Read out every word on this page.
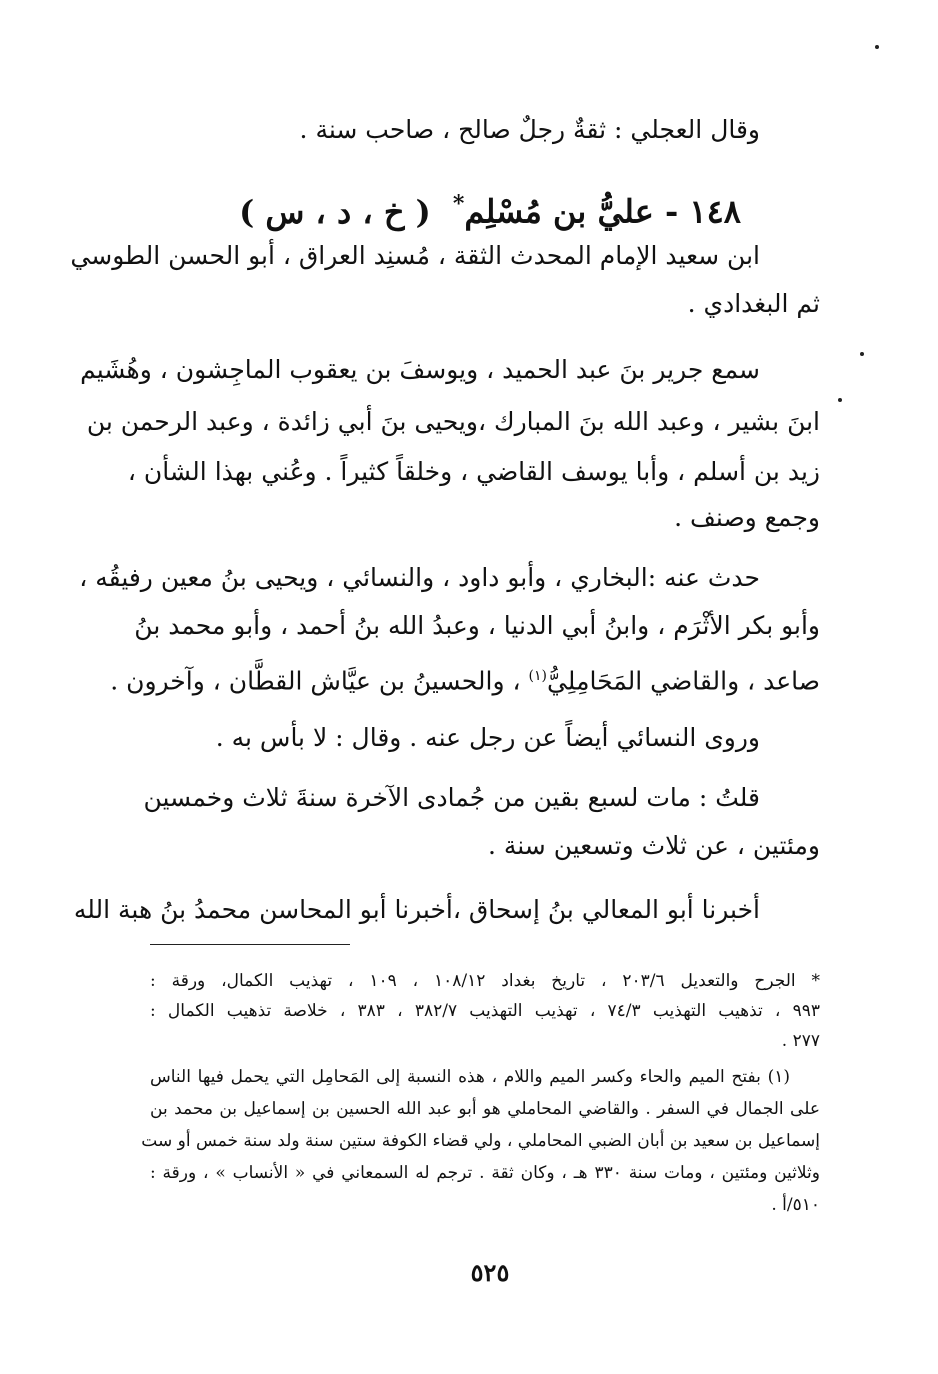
وقال العجلي : ثقةٌ رجلٌ صالح ، صاحب سنة .
١٤٨ - عليُّ بن مُسْلِم*( خ ، د ، س )
ابن سعيد الإمام المحدث الثقة ، مُسنِد العراق ، أبو الحسن الطوسي
ثم البغدادي .
سمع جرير بنَ عبد الحميد ، ويوسفَ بن يعقوب الماجِشون ، وهُشَيم
ابنَ بشير ، وعبد الله بنَ المبارك ،ويحيى بنَ أبي زائدة ، وعبد الرحمن بن
زيد بن أسلم ، وأبا يوسف القاضي ، وخلقاً كثيراً . وعُني بهذا الشأن ،
وجمع وصنف .
حدث عنه :البخاري ، وأبو داود ، والنسائي ، ويحيى بنُ معين رفيقُه ،
وأبو بكر الأثْرَم ، وابنُ أبي الدنيا ، وعبدُ الله بنُ أحمد ، وأبو محمد بنُ
صاعد ، والقاضي المَحَامِلِيُّ$^{(١)}$ ، والحسينُ بن عيَّاش القطَّان ، وآخرون .
وروى النسائي أيضاً عن رجل عنه . وقال : لا بأس به .
قلتُ : مات لسبع بقين من جُمادى الآخرة سنةَ ثلاث وخمسين
ومئتين ، عن ثلاث وتسعين سنة .
أخبرنا أبو المعالي بنُ إسحاق ،أخبرنا أبو المحاسن محمدُ بنُ هبة الله
* الجرح والتعديل ٢٠٣/٦ ، تاريخ بغداد ١٠٨/١٢ ، ١٠٩ ، تهذيب الكمال، ورقة :
٩٩٣ ، تذهيب التهذيب ٧٤/٣ ، تهذيب التهذيب ٣٨٢/٧ ، ٣٨٣ ، خلاصة تذهيب الكمال :
٢٧٧ .
(١) بفتح الميم والحاء وكسر الميم واللام ، هذه النسبة إلى المَحامِل التي يحمل فيها الناس
على الجمال في السفر . والقاضي المحاملي هو أبو عبد الله الحسين بن إسماعيل بن محمد بن
إسماعيل بن سعيد بن أبان الضبي المحاملي ، ولي قضاء الكوفة ستين سنة ولد سنة خمس أو ست
وثلاثين ومئتين ، ومات سنة ٣٣٠ هـ ، وكان ثقة . ترجم له السمعاني في « الأنساب » ، ورقة :
٥١٠/أ .
٥٢٥
